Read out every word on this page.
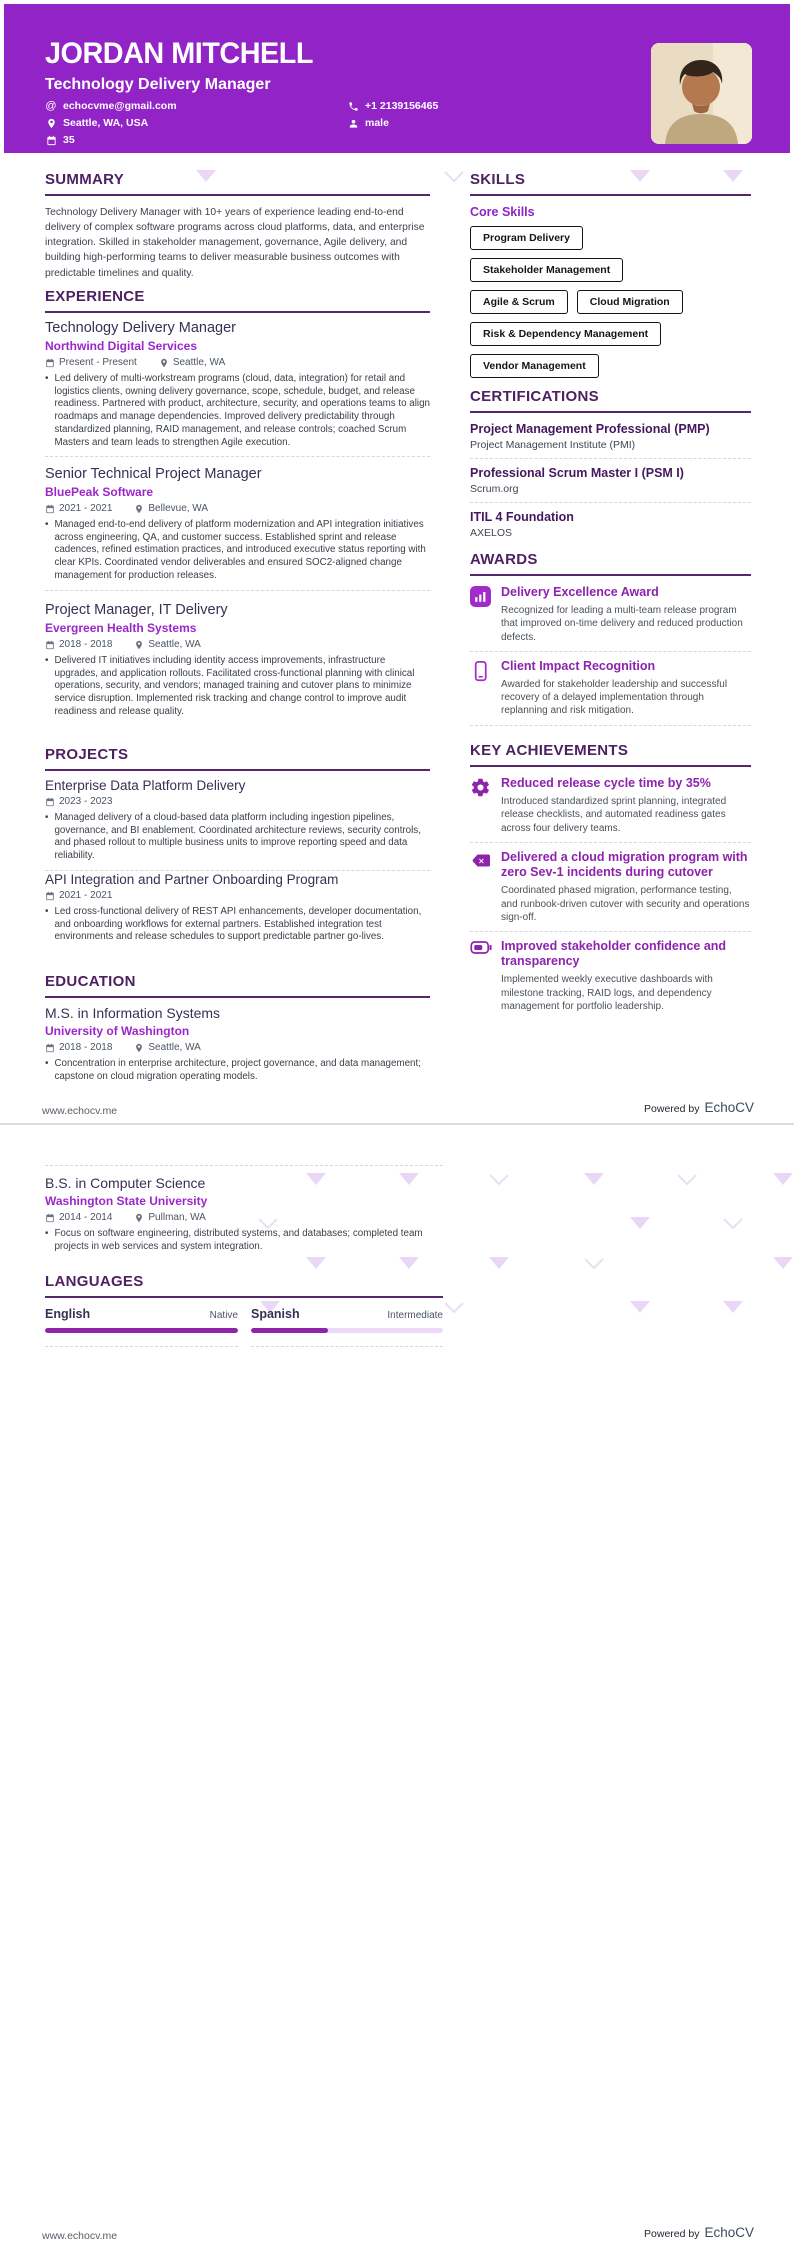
JORDAN MITCHELL
Technology Delivery Manager
@ echocvme@gmail.com
Seattle, WA, USA
35
+1 2139156465
male
SUMMARY

Technology Delivery Manager with 10+ years of experience leading end-to-end delivery of complex software programs across cloud platforms, data, and enterprise integration. Skilled in stakeholder management, governance, Agile delivery, and building high-performing teams to deliver measurable business outcomes with predictable timelines and quality.

EXPERIENCE
Technology Delivery Manager
Northwind Digital Services
Present - Present	Seattle, WA
• Led delivery of multi-workstream programs (cloud, data, integration) for retail and logistics clients, owning delivery governance, scope, schedule, budget, and release readiness. Partnered with product, architecture, security, and operations teams to align roadmaps and manage dependencies. Improved delivery predictability through standardized planning, RAID management, and release controls; coached Scrum Masters and team leads to strengthen Agile execution.
Senior Technical Project Manager
BluePeak Software
2021 - 2021	Bellevue, WA
• Managed end-to-end delivery of platform modernization and API integration initiatives across engineering, QA, and customer success. Established sprint and release cadences, refined estimation practices, and introduced executive status reporting with clear KPIs. Coordinated vendor deliverables and ensured SOC2-aligned change management for production releases.
Project Manager, IT Delivery
Evergreen Health Systems
2018 - 2018	Seattle, WA
• Delivered IT initiatives including identity access improvements, infrastructure upgrades, and application rollouts. Facilitated cross-functional planning with clinical operations, security, and vendors; managed training and cutover plans to minimize service disruption. Implemented risk tracking and change control to improve audit readiness and release quality.
PROJECTS
Enterprise Data Platform Delivery
2023 - 2023
• Managed delivery of a cloud-based data platform including ingestion pipelines, governance, and BI enablement. Coordinated architecture reviews, security controls, and phased rollout to multiple business units to improve reporting speed and data reliability.
API Integration and Partner Onboarding Program
2021 - 2021
• Led cross-functional delivery of REST API enhancements, developer documentation, and onboarding workflows for external partners. Established integration test environments and release schedules to support predictable partner go-lives.
EDUCATION
M.S. in Information Systems
University of Washington
2018 - 2018	Seattle, WA
• Concentration in enterprise architecture, project governance, and data management; capstone on cloud migration operating models.
SKILLS
Core Skills
Program Delivery
Stakeholder Management
Agile & Scrum	Cloud Migration
Risk & Dependency Management
Vendor Management
CERTIFICATIONS
Project Management Professional (PMP)
Project Management Institute (PMI)
Professional Scrum Master I (PSM I)
Scrum.org
ITIL 4 Foundation
AXELOS
AWARDS
Delivery Excellence Award
Recognized for leading a multi-team release program that improved on-time delivery and reduced production defects.
Client Impact Recognition
Awarded for stakeholder leadership and successful recovery of a delayed implementation through replanning and risk mitigation.
KEY ACHIEVEMENTS
Reduced release cycle time by 35%
Introduced standardized sprint planning, integrated release checklists, and automated readiness gates across four delivery teams.
× Delivered a cloud migration program with zero Sev-1 incidents during cutover
Coordinated phased migration, performance testing, and runbook-driven cutover with security and operations sign-off.
Improved stakeholder confidence and transparency
Implemented weekly executive dashboards with milestone tracking, RAID logs, and dependency management for portfolio leadership.
www.echocv.me	Powered by EchoCV
B.S. in Computer Science
Washington State University
2014 - 2014	Pullman, WA
• Focus on software engineering, distributed systems, and databases; completed team projects in web services and system integration.
LANGUAGES
English	Native Spanish	Intermediate
www.echocv.me	Powered by EchoCV
